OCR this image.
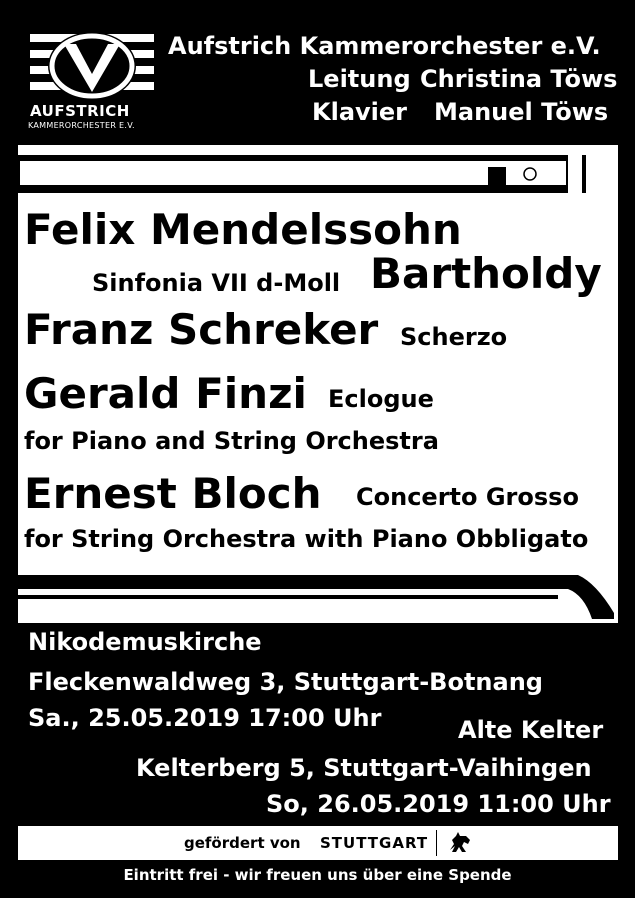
AUFSTRICH
KAMMERORCHESTER E.V.
Aufstrich Kammerorchester e.V.
Leitung Christina Töws
Klavier Manuel Töws
Felix Mendelssohn
Sinfonia VII d-Moll Bartholdy
Franz Schreker Scherzo
Gerald Finzi Eclogue
for Piano and String Orchestra
Ernest Bloch Concerto Grosso
for String Orchestra with Piano Obbligato
Nikodemuskirche
Fleckenwaldweg 3, Stuttgart-Botnang
Sa., 25.05.2019 17:00 Uhr	Alte Kelter
Kelterberg 5, Stuttgart-Vaihingen
So, 26.05.2019 11:00 Uhr
gefördert von STUTTGART
Eintritt frei - wir freuen uns über eine Spende
